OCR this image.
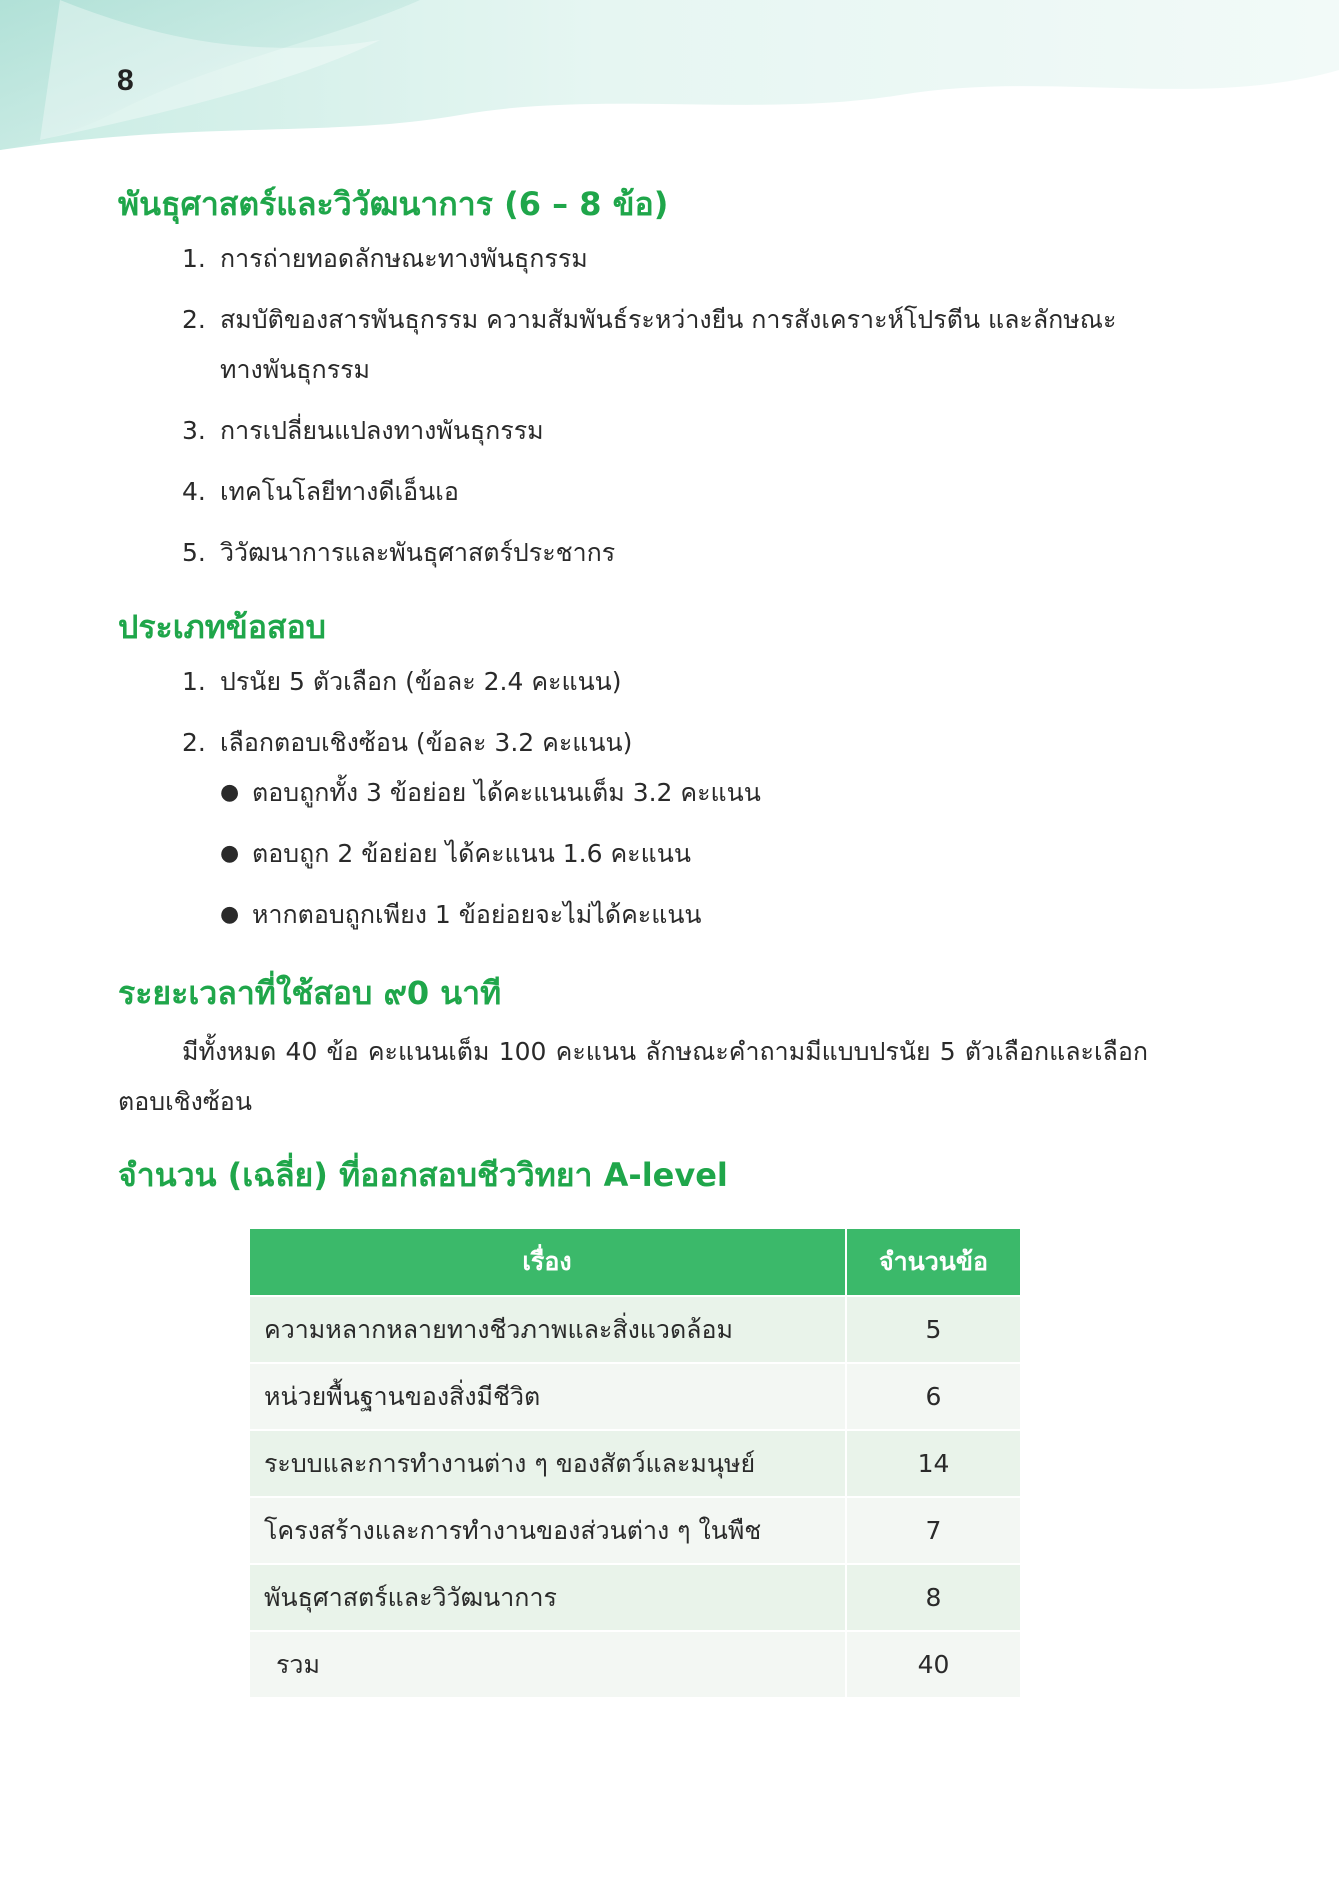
8
พันธุศาสตร์และวิวัฒนาการ (6 – 8 ข้อ)
1. การถ่ายทอดลักษณะทางพันธุกรรม
2. สมบัติของสารพันธุกรรม ความสัมพันธ์ระหว่างยีน การสังเคราะห์โปรตีน และลักษณะ
ทางพันธุกรรม
3. การเปลี่ยนแปลงทางพันธุกรรม
4. เทคโนโลยีทางดีเอ็นเอ
5. วิวัฒนาการและพันธุศาสตร์ประชากร
ประเภทข้อสอบ
1. ปรนัย 5 ตัวเลือก (ข้อละ 2.4 คะแนน)
2. เลือกตอบเชิงซ้อน (ข้อละ 3.2 คะแนน)
● ตอบถูกทั้ง 3 ข้อย่อย ได้คะแนนเต็ม 3.2 คะแนน
● ตอบถูก 2 ข้อย่อย ได้คะแนน 1.6 คะแนน
● หากตอบถูกเพียง 1 ข้อย่อยจะไม่ได้คะแนน
ระยะเวลาที่ใช้สอบ ๙0 นาที

มีทั้งหมด 40 ข้อ คะแนนเต็ม 100 คะแนน ลักษณะคำถามมีแบบปรนัย 5 ตัวเลือกและเลือกตอบเชิงซ้อน

จำนวน (เฉลี่ย) ที่ออกสอบชีววิทยา A-level
เรื่อง	จำนวนข้อ
ความหลากหลายทางชีวภาพและสิ่งแวดล้อม	5
หน่วยพื้นฐานของสิ่งมีชีวิต	6
ระบบและการทำงานต่าง ๆ ของสัตว์และมนุษย์	14
โครงสร้างและการทำงานของส่วนต่าง ๆ ในพืช	7
พันธุศาสตร์และวิวัฒนาการ	8
รวม	40
